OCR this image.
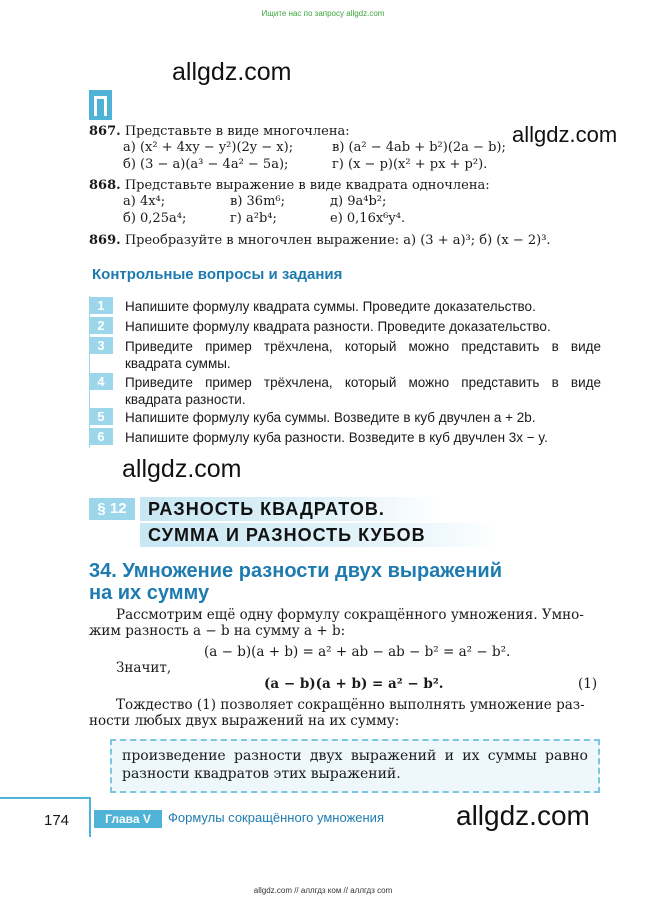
Ищите нас по запросу allgdz.com
allgdz.com
allgdz.com
allgdz.com
allgdz.com
867. Представьте в виде многочлена:
а) (x² + 4xy − y²)(2y − x);	в) (a² − 4ab + b²)(2a − b);
б) (3 − a)(a³ − 4a² − 5a);	г) (x − p)(x² + px + p²).
868. Представьте выражение в виде квадрата одночлена:
а) 4x⁴;	в) 36m⁶;	д) 9a⁴b²;
б) 0,25a⁴;	г) a²b⁴;	е) 0,16x⁶y⁴.
869. Преобразуйте в многочлен выражение: а) (3 + a)³; б) (x − 2)³.
Контрольные вопросы и задания
1	Напишите формулу квадрата суммы. Проведите доказательство.
2	Напишите формулу квадрата разности. Проведите доказательство.
3	Приведите пример трёхчлена, который можно представить в виде квадрата суммы.
4	Приведите пример трёхчлена, который можно представить в виде квадрата разности.
5	Напишите формулу куба суммы. Возведите в куб двучлен a + 2b.
6	Напишите формулу куба разности. Возведите в куб двучлен 3x − y.
§ 12	РАЗНОСТЬ КВАДРАТОВ.
СУММА И РАЗНОСТЬ КУБОВ
34. Умножение разности двух выражений
на их сумму
Рассмотрим ещё одну формулу сокращённого умножения. Умно-
жим разность a − b на сумму a + b:
(a − b)(a + b) = a² + ab − ab − b² = a² − b².
Значит,
(a − b)(a + b) = a² − b².	(1)
Тождество (1) позволяет сокращённо выполнять умножение раз-
ности любых двух выражений на их сумму:
произведение разности двух выражений и их суммы равно разности квадратов этих выражений.
174	Глава V	Формулы сокращённого умножения
allgdz.com // аллгдз ком // аллгдз com
